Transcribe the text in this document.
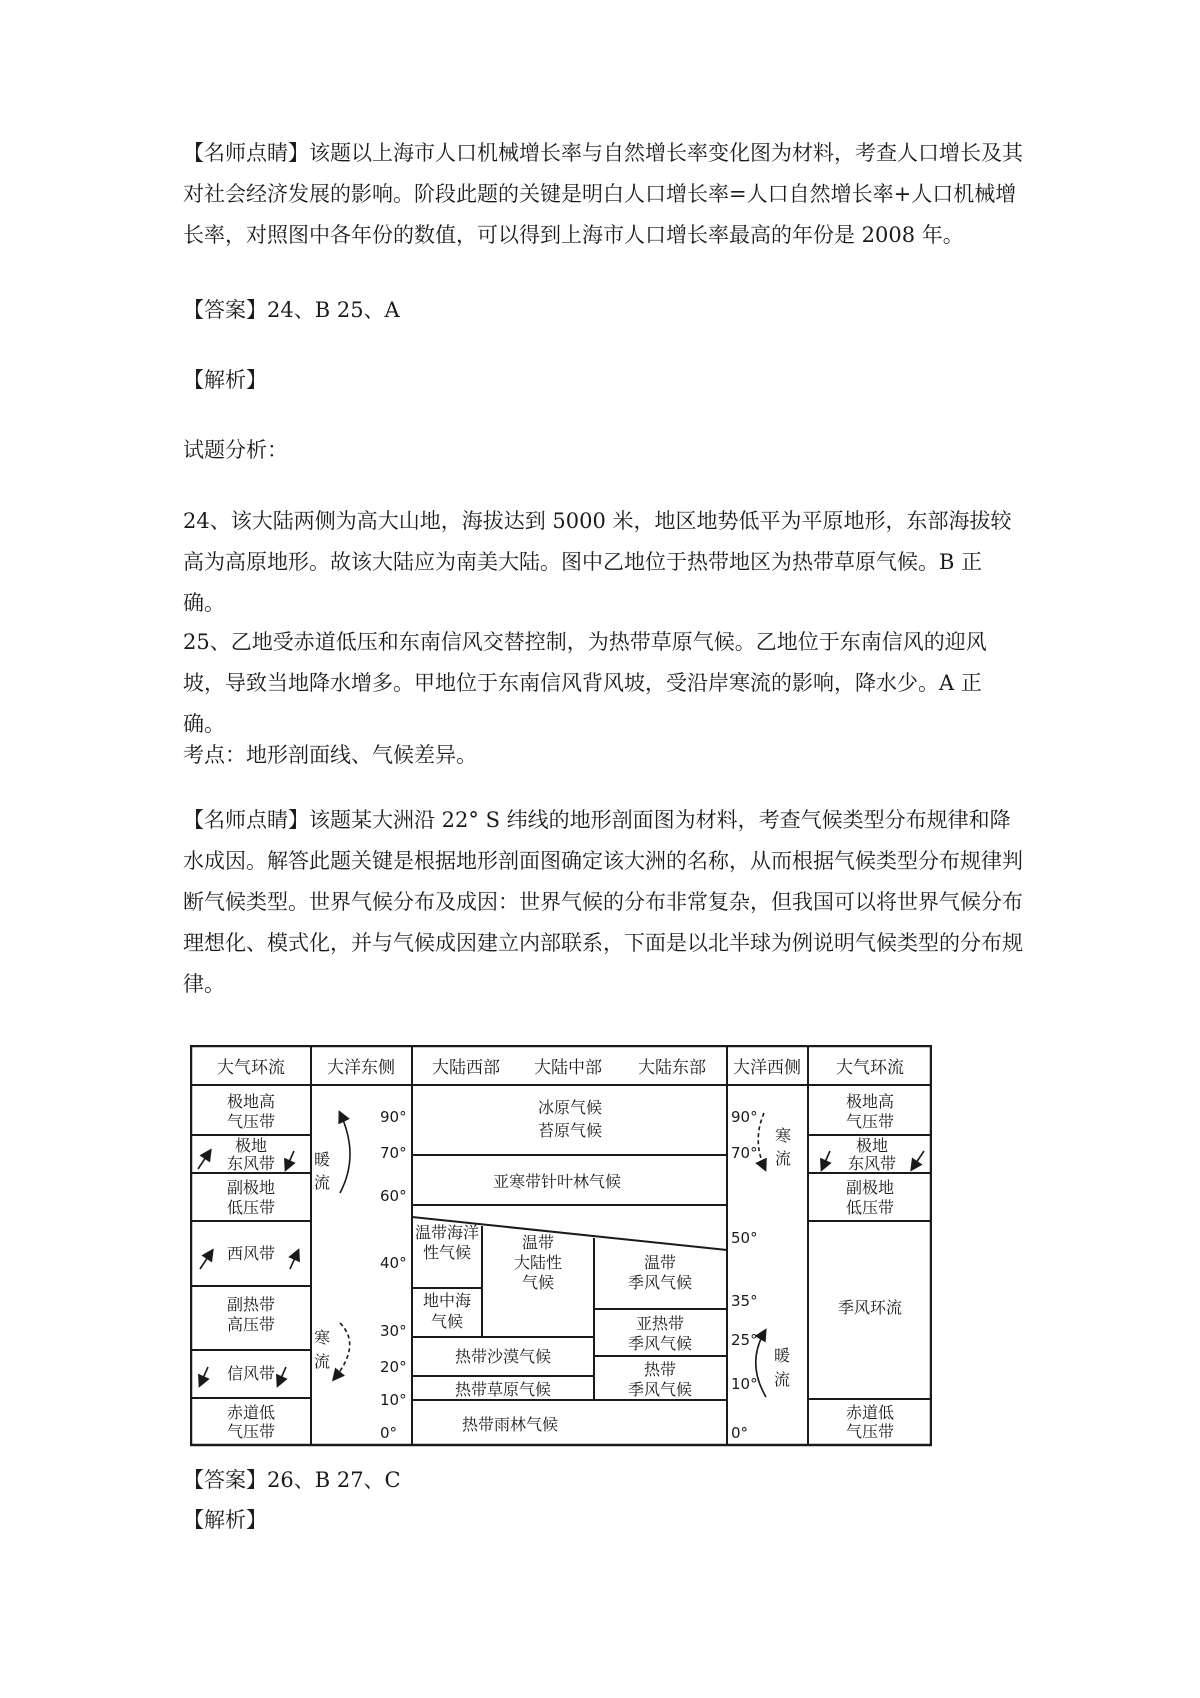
【名师点睛】该题以上海市人口机械增长率与自然增长率变化图为材料，考查人口增长及其对社会经济发展的影响。阶段此题的关键是明白人口增长率=人口自然增长率+人口机械增长率，对照图中各年份的数值，可以得到上海市人口增长率最高的年份是 2008 年。

【答案】24、B 25、A

【解析】

试题分析：

24、该大陆两侧为高大山地，海拔达到 5000 米，地区地势低平为平原地形，东部海拔较高为高原地形。故该大陆应为南美大陆。图中乙地位于热带地区为热带草原气候。B 正确。

25、乙地受赤道低压和东南信风交替控制，为热带草原气候。乙地位于东南信风的迎风坡，导致当地降水增多。甲地位于东南信风背风坡，受沿岸寒流的影响，降水少。A 正确。

考点：地形剖面线、气候差异。

【名师点睛】该题某大洲沿 22° S 纬线的地形剖面图为材料，考查气候类型分布规律和降水成因。解答此题关键是根据地形剖面图确定该大洲的名称，从而根据气候类型分布规律判断气候类型。世界气候分布及成因：世界气候的分布非常复杂，但我国可以将世界气候分布理想化、模式化，并与气候成因建立内部联系，下面是以北半球为例说明气候类型的分布规律。

大气环流 大洋东侧 大陆西部 大陆中部 大陆东部 大洋西侧 大气环流
极地高
气压带
极地
东风带
副极地
低压带
西风带
副热带
高压带
信风带
赤道低
气压带
极地高
气压带
极地
东风带
副极地
低压带
季风环流
赤道低
气压带
90°
70°
60°
40°
30°
20°
10°
0°
90°
70°
50°
35°
25°
10°
0°
暖
流
寒
流
寒
流
暖
流
冰原气候
苔原气候
亚寒带针叶林气候
温带海洋
性气候
地中海
气候
温带
大陆性
气候
温带
季风气候
亚热带
季风气候
热带沙漠气候
热带草原气候
热带
季风气候
热带雨林气候

【答案】26、B 27、C

【解析】
